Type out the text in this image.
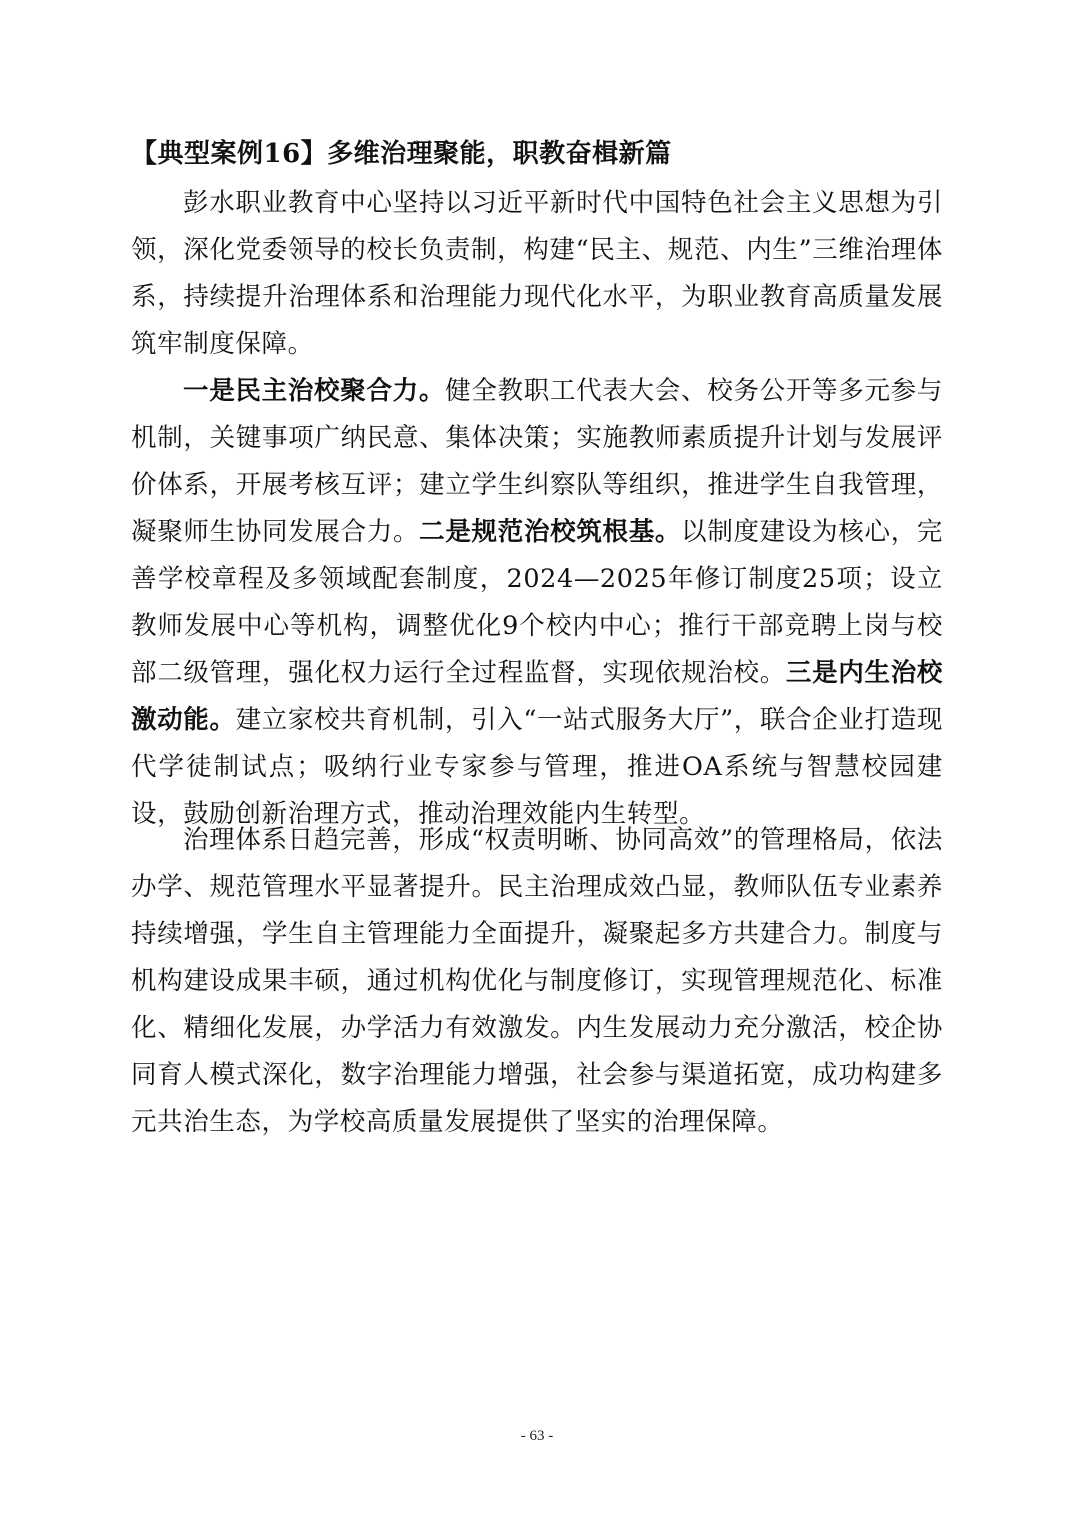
【典型案例16】多维治理聚能，职教奋楫新篇

彭水职业教育中心坚持以习近平新时代中国特色社会主义思想为引领，深化党委领导的校长负责制，构建“民主、规范、内生”三维治理体系，持续提升治理体系和治理能力现代化水平，为职业教育高质量发展筑牢制度保障。

一是民主治校聚合力。健全教职工代表大会、校务公开等多元参与机制，关键事项广纳民意、集体决策；实施教师素质提升计划与发展评价体系，开展考核互评；建立学生纠察队等组织，推进学生自我管理，凝聚师生协同发展合力。二是规范治校筑根基。以制度建设为核心，完善学校章程及多领域配套制度，2024—2025年修订制度25项；设立教师发展中心等机构，调整优化9个校内中心；推行干部竞聘上岗与校部二级管理，强化权力运行全过程监督，实现依规治校。三是内生治校激动能。建立家校共育机制，引入“一站式服务大厅”，联合企业打造现代学徒制试点；吸纳行业专家参与管理，推进OA系统与智慧校园建设，鼓励创新治理方式，推动治理效能内生转型。

治理体系日趋完善，形成“权责明晰、协同高效”的管理格局，依法办学、规范管理水平显著提升。民主治理成效凸显，教师队伍专业素养持续增强，学生自主管理能力全面提升，凝聚起多方共建合力。制度与机构建设成果丰硕，通过机构优化与制度修订，实现管理规范化、标准化、精细化发展，办学活力有效激发。内生发展动力充分激活，校企协同育人模式深化，数字治理能力增强，社会参与渠道拓宽，成功构建多元共治生态，为学校高质量发展提供了坚实的治理保障。

- 63 -
